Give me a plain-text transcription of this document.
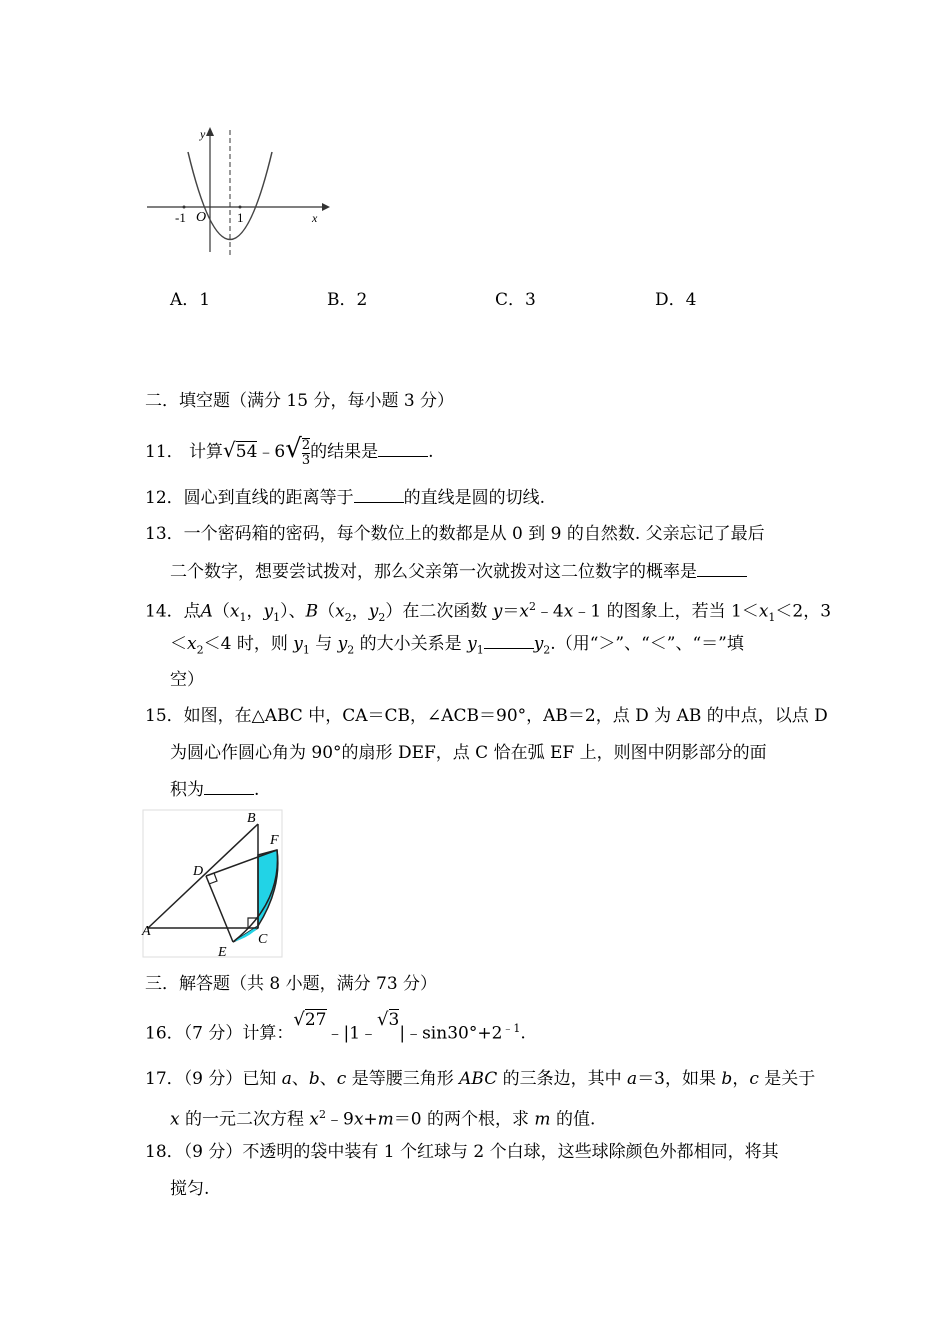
y
x
O
-1	1
A．1	B．2	C．3	D．4
二．填空题（满分 15 分，每小题 3 分）
11． 计算√54﹣6√ $\frac{2}{3}$ 的结果是	.
12．圆心到直线的距离等于	的直线是圆的切线.
13．一个密码箱的密码，每个数位上的数都是从 0 到 9 的自然数. 父亲忘记了最后
二个数字，想要尝试拨对，那么父亲第一次就拨对这二位数字的概率是
14．点$A(x_1$，$y_1$）、$B(x_2$，$y_2$）在二次函数 $y=x^2﹣4x﹣1$ 的图象上，若当 $1<x_1<2$，3
$<x_2<4$ 时，则 $y_1$ 与 $y_2$ 的大小关系是 $y_1$	$y_2$.（用“＞”、“＜”、“＝”填
空）
15．如图，在△ABC 中，CA＝CB，∠ACB＝90°，AB＝2，点 D 为 AB 的中点，以点 D
为圆心作圆心角为 90°的扇形 DEF，点 C 恰在弧 EF 上，则图中阴影部分的面
积为	.
A
B
C
D
E
F
三．解答题（共 8 小题，满分 73 分）
16．（7 分）计算：$√27﹣|1﹣√3|﹣\sin 30^\circ+2^{﹣1}$.
17．（9 分）已知 a、b、c 是等腰三角形 ABC 的三条边，其中 a＝3，如果 b，c 是关于
x 的一元二次方程 $x^2﹣9x+m=0$ 的两个根，求 m 的值.
18．（9 分）不透明的袋中装有 1 个红球与 2 个白球，这些球除颜色外都相同，将其
搅匀.
